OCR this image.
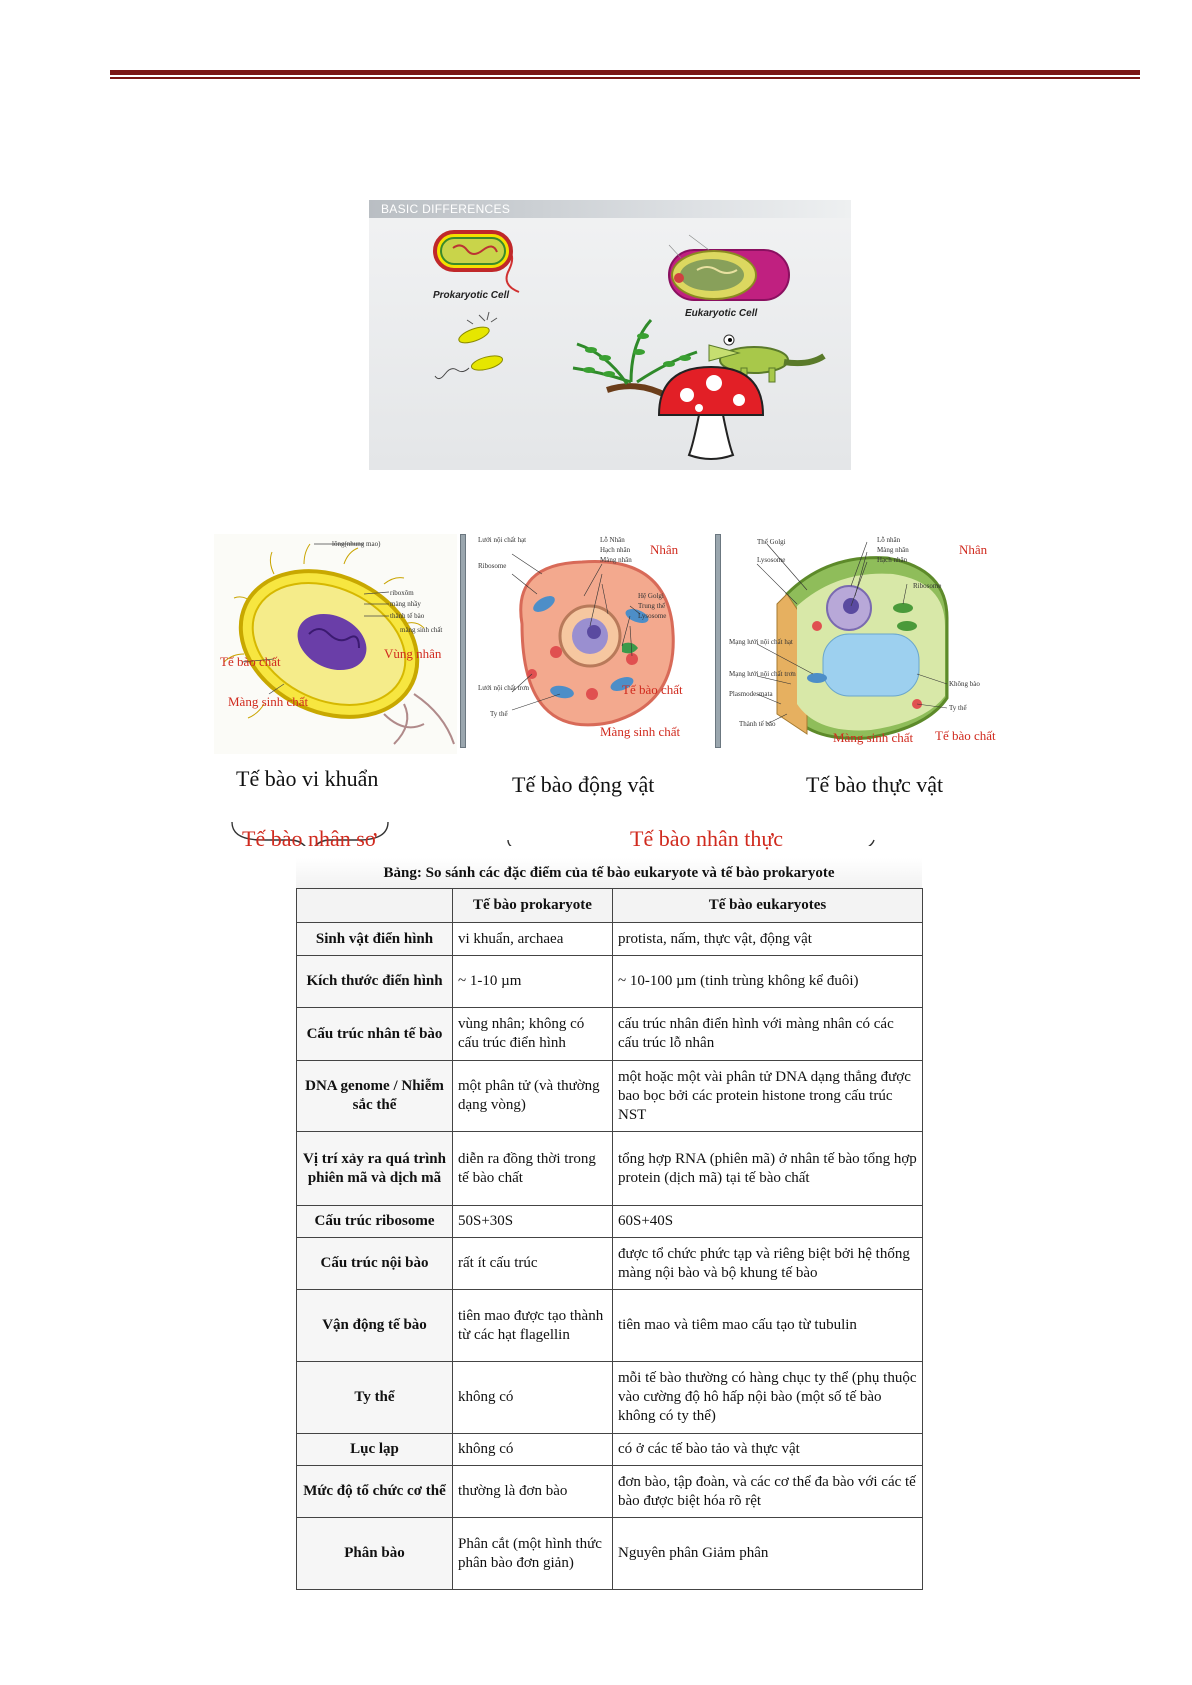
BASIC DIFFERENCES
Prokaryotic Cell
Eukaryotic Cell
lông(nhung mao)
riboxôm
màng nhầy
thành tế bào
màng sinh chất
Tế bào chất
Vùng nhân
Màng sinh chất
Lưới nội chất hạt
Ribosome
Lỗ Nhân
Hạch nhân
Màng nhân
Hệ Golgi
Trung thể
Lysosome
Lưới nội chất trơn
Ty thể
Nhân
Tế bào chất
Màng sinh chất
Thể Golgi
Lysosome
Lỗ nhân
Màng nhân
Hạch nhân
Ribosome
Mạng lưới nội chất hạt
Mạng lưới nội chất trơn
Plasmodesmata
Thành tế bào
Không bào
Ty thể
Nhân
Màng sinh chất Tế bào chất
Tế bào vi khuẩn	Tế bào động vật	Tế bào thực vật
Tế bào nhân sơ	Tế bào nhân thực
Bảng: So sánh các đặc điểm của tế bào eukaryote và tế bào prokaryote
	Tế bào prokaryote	Tế bào eukaryotes
Sinh vật điển hình	vi khuẩn, archaea	protista, nấm, thực vật, động vật
Kích thước điển hình	~ 1-10 µm	~ 10-100 µm (tinh trùng không kể đuôi)
Cấu trúc nhân tế bào	vùng nhân; không có cấu trúc điển hình	cấu trúc nhân điển hình với màng nhân có các cấu trúc lỗ nhân
DNA genome / Nhiễm sắc thể	một phân tử (và thường dạng vòng)	một hoặc một vài phân tử DNA dạng thẳng được bao bọc bởi các protein histone trong cấu trúc NST
Vị trí xảy ra quá trình phiên mã và dịch mã	diễn ra đồng thời trong tế bào chất	tổng hợp RNA (phiên mã) ở nhân tế bào tổng hợp protein (dịch mã) tại tế bào chất
Cấu trúc ribosome	50S+30S	60S+40S
Cấu trúc nội bào	rất ít cấu trúc	được tổ chức phức tạp và riêng biệt bởi hệ thống màng nội bào và bộ khung tế bào
Vận động tế bào	tiên mao được tạo thành từ các hạt flagellin	tiên mao và tiêm mao cấu tạo từ tubulin
Ty thể	không có	mỗi tế bào thường có hàng chục ty thể (phụ thuộc vào cường độ hô hấp nội bào (một số tế bào không có ty thể)
Lục lạp	không có	có ở các tế bào tảo và thực vật
Mức độ tổ chức cơ thể	thường là đơn bào	đơn bào, tập đoàn, và các cơ thể đa bào với các tế bào được biệt hóa rõ rệt
Phân bào	Phân cắt (một hình thức phân bào đơn giản)	Nguyên phân Giảm phân
